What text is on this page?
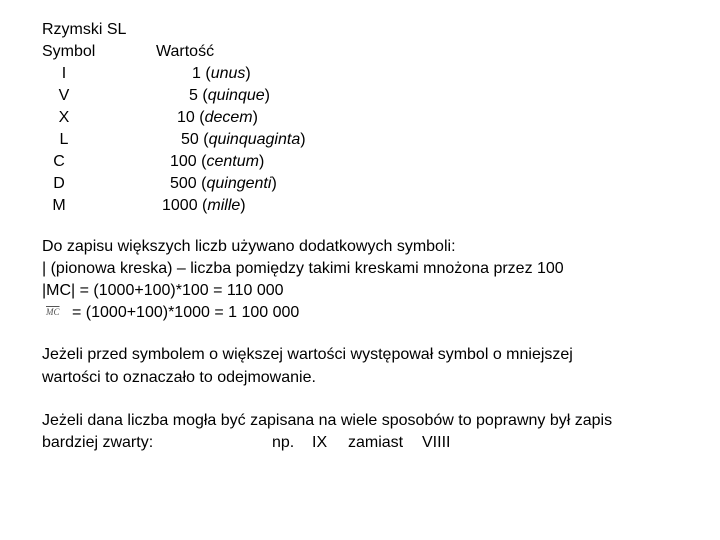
Rzymski SL
Symbol	Wartość
I
V
X
L
C
D
M
1 (unus)
5 (quinque)
10 (decem)
50 (quinquaginta)
100 (centum)
500 (quingenti)
1000 (mille)
Do zapisu większych liczb używano dodatkowych symboli:
| (pionowa kreska) – liczba pomiędzy takimi kreskami mnożona przez 100
|MC| = (1000+100)*100 = 110 000
$\overline{MC} = (1000+100)*1000 = 1$ 100 000
Jeżeli przed symbolem o większej wartości występował symbol o mniejszej
wartości to oznaczało to odejmowanie.
Jeżeli dana liczba mogła być zapisana na wiele sposobów to poprawny był zapis
bardziej zwarty:	np. IX zamiast VIIII
